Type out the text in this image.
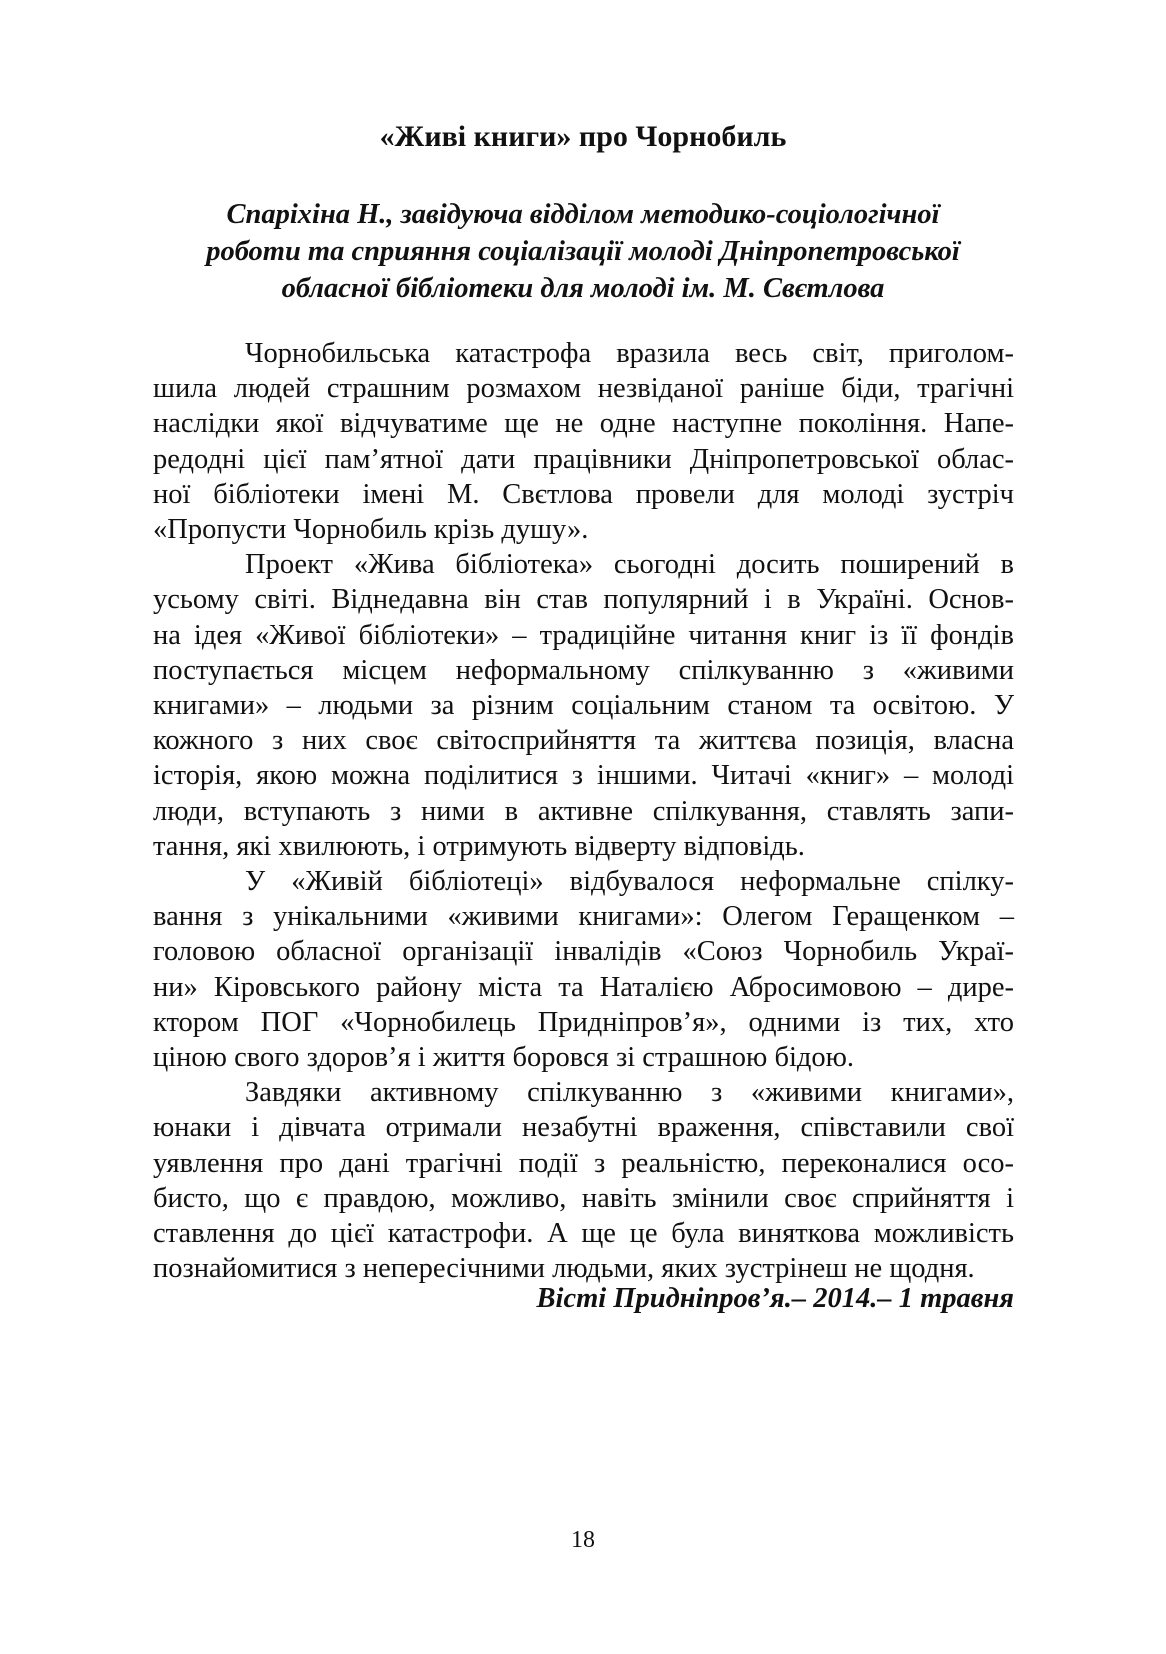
«Живі книги» про Чорнобиль
Спаріхіна Н., завідуюча відділом методико-соціологічної
роботи та сприяння соціалізації молоді Дніпропетровської
обласної бібліотеки для молоді ім. М. Свєтлова

Чорнобильська катастрофа вразила весь світ, приголом-
шила людей страшним розмахом незвіданої раніше біди, трагічні
наслідки якої відчуватиме ще не одне наступне покоління. Напе-
редодні цієї пам’ятної дати працівники Дніпропетровської облас-
ної бібліотеки імені М. Свєтлова провели для молоді зустріч
«Пропусти Чорнобиль крізь душу».

Проект «Жива бібліотека» сьогодні досить поширений в
усьому світі. Віднедавна він став популярний і в Україні. Основ-
на ідея «Живої бібліотеки» – традиційне читання книг із її фондів
поступається місцем неформальному спілкуванню з «живими
книгами» – людьми за різним соціальним станом та освітою. У
кожного з них своє світосприйняття та життєва позиція, власна
історія, якою можна поділитися з іншими. Читачі «книг» – молоді
люди, вступають з ними в активне спілкування, ставлять запи-
тання, які хвилюють, і отримують відверту відповідь.

У «Живій бібліотеці» відбувалося неформальне спілку-
вання з унікальними «живими книгами»: Олегом Геращенком –
головою обласної організації інвалідів «Союз Чорнобиль Украї-
ни» Кіровського району міста та Наталією Абросимовою – дире-
ктором ПОГ «Чорнобилець Придніпров’я», одними із тих, хто
ціною свого здоров’я і життя боровся зі страшною бідою.

Завдяки активному спілкуванню з «живими книгами»,
юнаки і дівчата отримали незабутні враження, співставили свої
уявлення про дані трагічні події з реальністю, переконалися осо-
бисто, що є правдою, можливо, навіть змінили своє сприйняття і
ставлення до цієї катастрофи. А ще це була виняткова можливість
познайомитися з непересічними людьми, яких зустрінеш не щодня.

Вісті Придніпров’я.– 2014.– 1 травня
18
